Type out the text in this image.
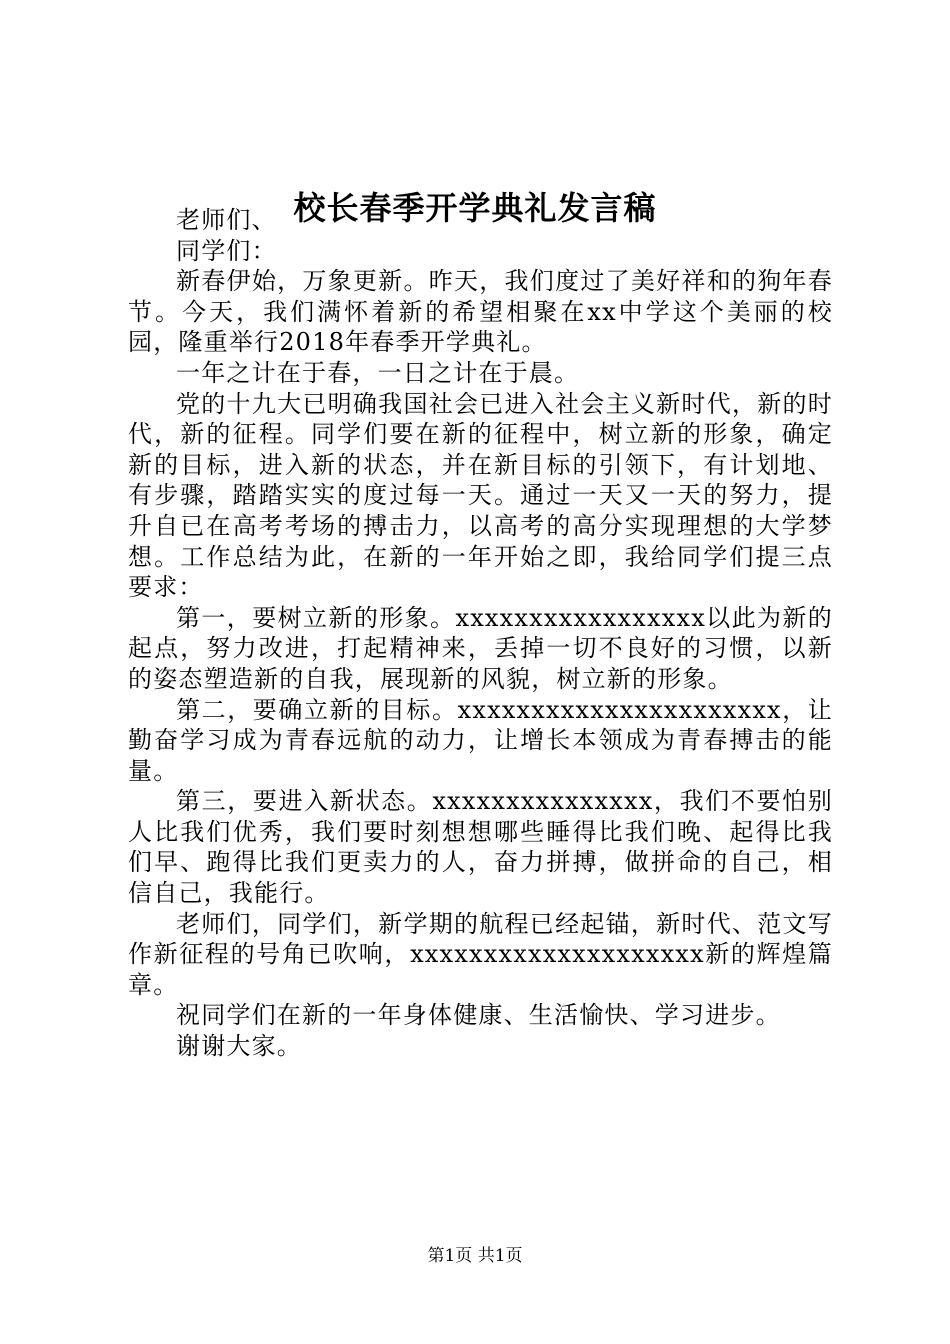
校长春季开学典礼发言稿

老师们、

同学们：

新春伊始，万象更新。昨天，我们度过了美好祥和的狗年春节。今天，我们满怀着新的希望相聚在xx中学这个美丽的校园，隆重举行2018年春季开学典礼。

一年之计在于春，一日之计在于晨。

党的十九大已明确我国社会已进入社会主义新时代，新的时代，新的征程。同学们要在新的征程中，树立新的形象，确定新的目标，进入新的状态，并在新目标的引领下，有计划地、有步骤，踏踏实实的度过每一天。通过一天又一天的努力，提升自已在高考考场的搏击力，以高考的高分实现理想的大学梦想。工作总结为此，在新的一年开始之即，我给同学们提三点要求：

第一，要树立新的形象。xxxxxxxxxxxxxxxxx以此为新的起点，努力改进，打起精神来，丢掉一切不良好的习惯，以新的姿态塑造新的自我，展现新的风貌，树立新的形象。

第二，要确立新的目标。xxxxxxxxxxxxxxxxxxxxxx，让勤奋学习成为青春远航的动力，让增长本领成为青春搏击的能量。

第三，要进入新状态。xxxxxxxxxxxxxxx，我们不要怕别人比我们优秀，我们要时刻想想哪些睡得比我们晚、起得比我们早、跑得比我们更卖力的人，奋力拼搏，做拼命的自己，相信自己，我能行。

老师们，同学们，新学期的航程已经起锚，新时代、范文写作新征程的号角已吹响，xxxxxxxxxxxxxxxxxxxx新的辉煌篇章。

祝同学们在新的一年身体健康、生活愉快、学习进步。

谢谢大家。

第1页 共1页
